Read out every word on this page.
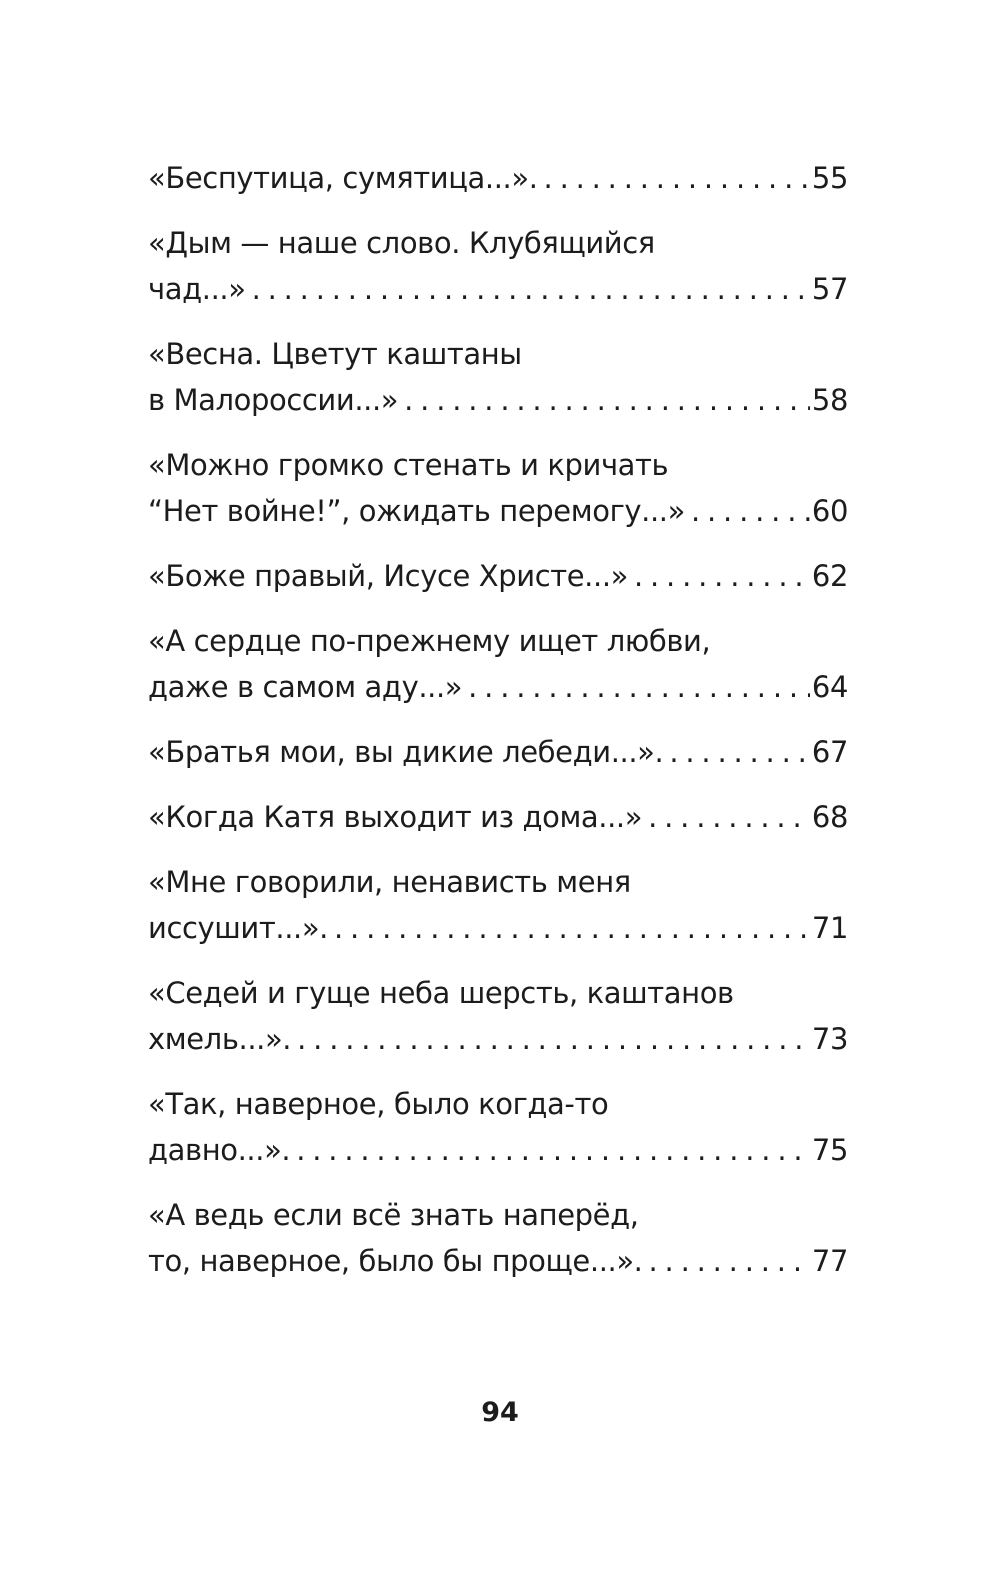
«Беспутица, сумятица...». . . .	55
«Дым — наше слово. Клубящийся
чад...» . . .	57
«Весна. Цветут каштаны
в Малороссии...» . . .	58
«Можно громко стенать и кричать
“Нет войне!”, ожидать перемогу...» . . .	60
«Боже правый, Исусе Христе...» . . .	62
«А сердце по-прежнему ищет любви,
даже в самом аду...» . . .	64
«Братья мои, вы дикие лебеди...». . . .	67
«Когда Катя выходит из дома...» . . .	68
«Мне говорили, ненависть меня
иссушит...». . . .	71
«Седей и гуще неба шерсть, каштанов
хмель...». . . .	73
«Так, наверное, было когда-то
давно...». . . .	75
«А ведь если всё знать наперёд,
то, наверное, было бы проще...». . . .	77
94
